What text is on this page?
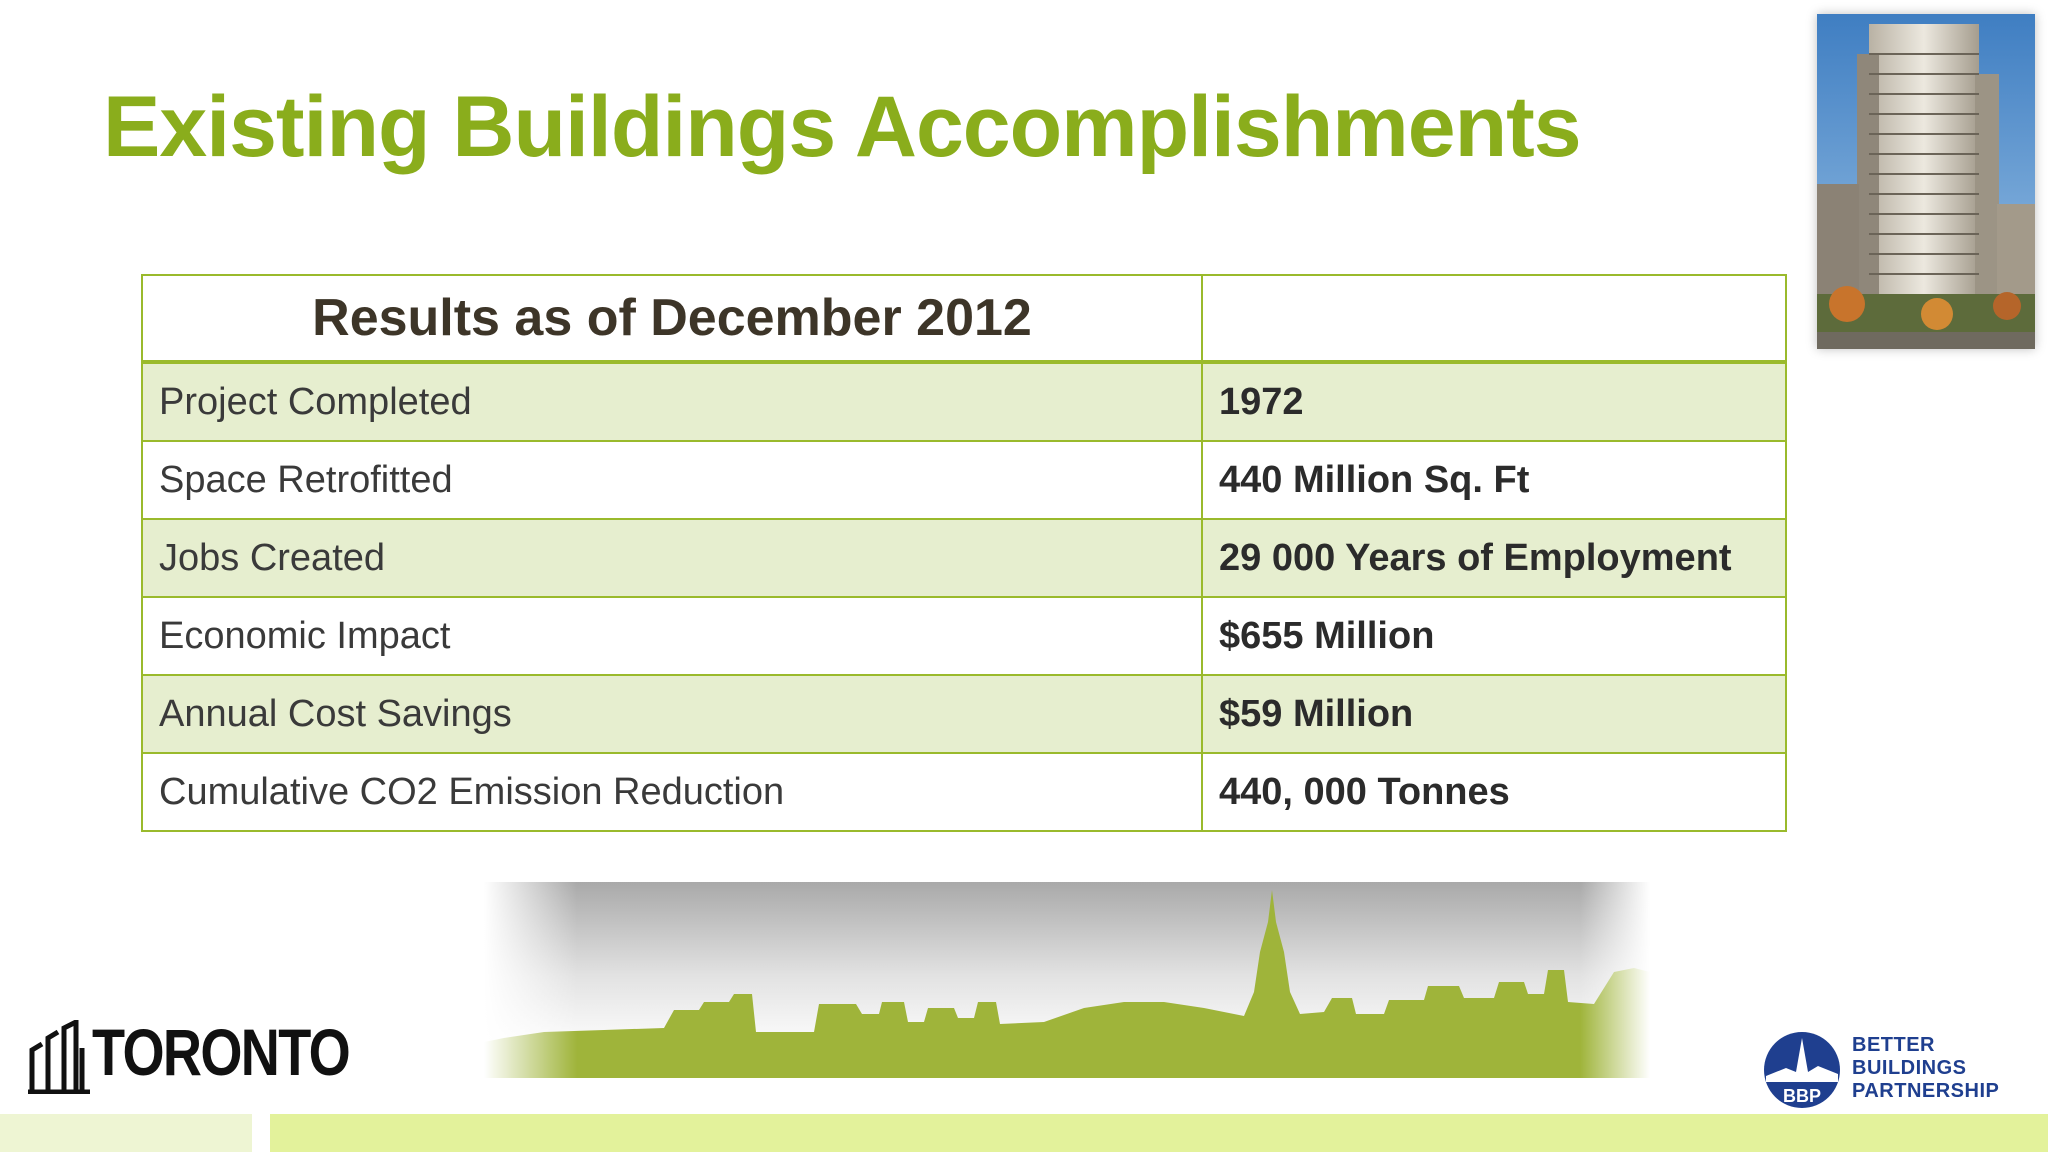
Existing Buildings Accomplishments
Results as of December 2012	
Project Completed	1972
Space Retrofitted	440 Million Sq. Ft
Jobs Created	29 000 Years of Employment
Economic Impact	$655 Million
Annual Cost Savings	$59 Million
Cumulative CO2 Emission Reduction	440, 000 Tonnes
TORONTO
BBP
BETTER
BUILDINGS
PARTNERSHIP
